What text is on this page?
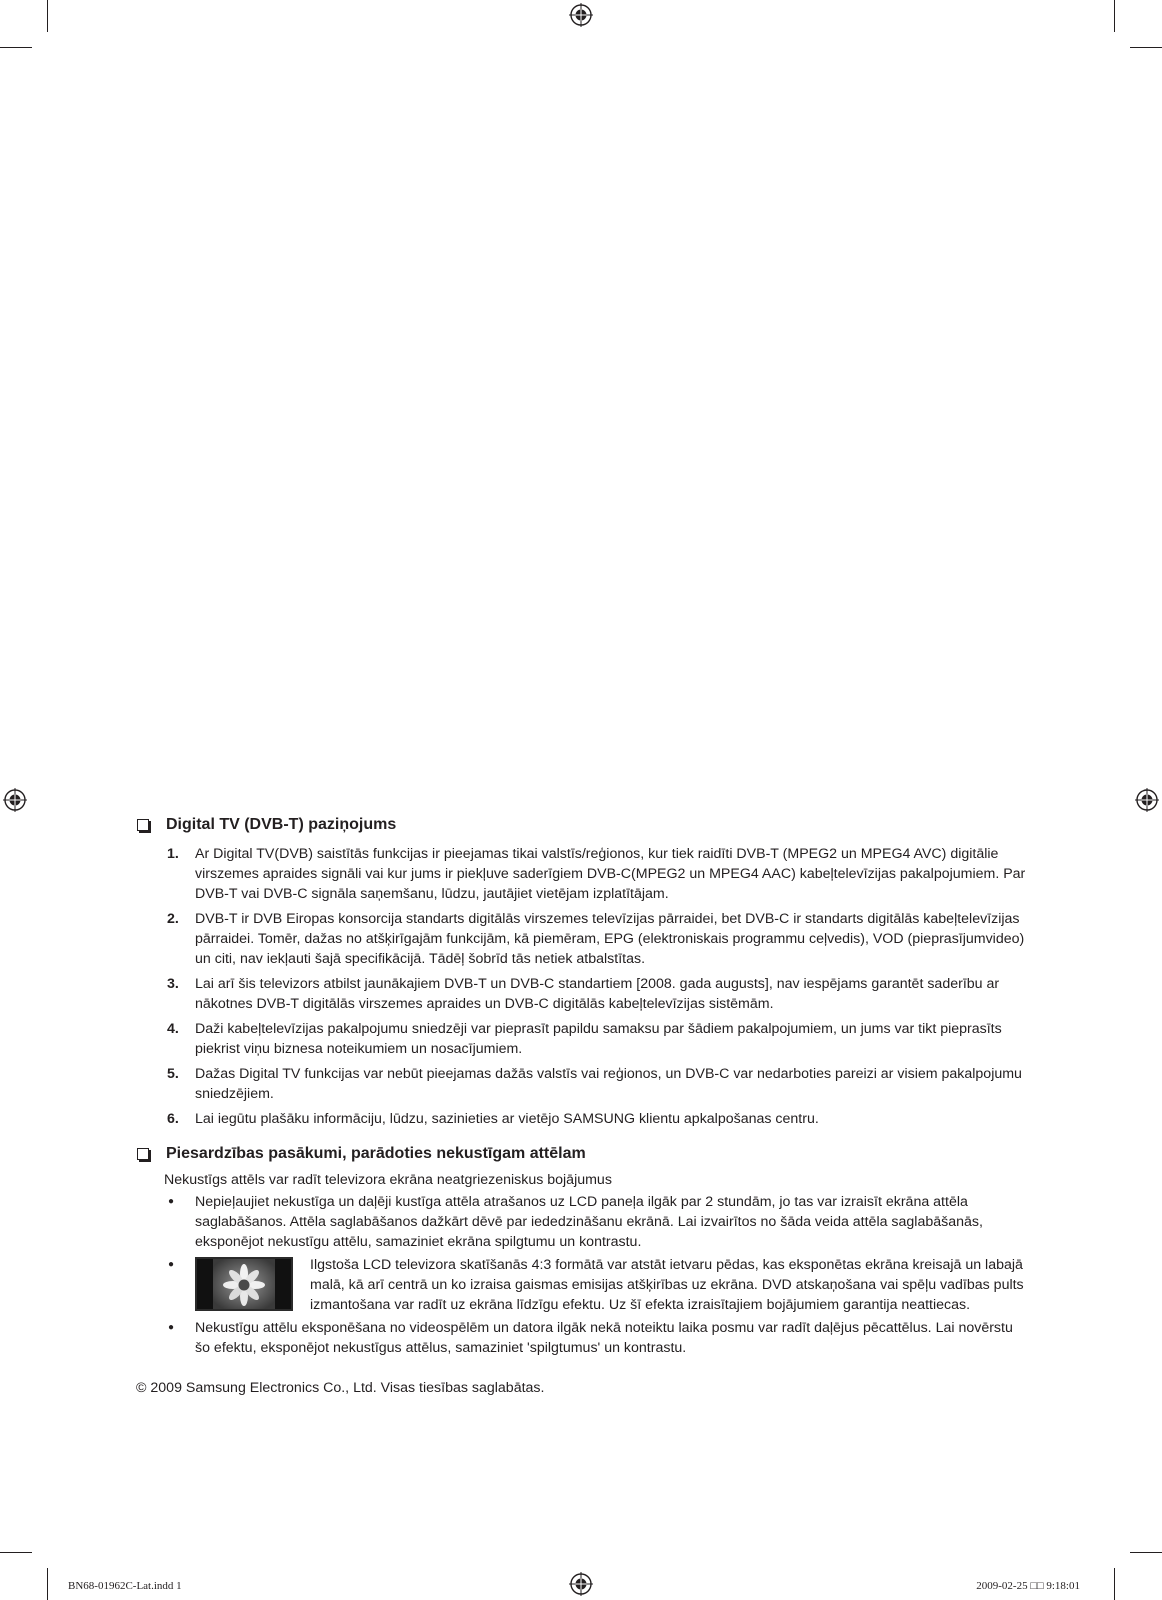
Digital TV (DVB-T) paziņojums
1. Ar Digital TV(DVB) saistītās funkcijas ir pieejamas tikai valstīs/reģionos, kur tiek raidīti DVB-T (MPEG2 un MPEG4 AVC) digitālie virszemes apraides signāli vai kur jums ir piekļuve saderīgiem DVB-C(MPEG2 un MPEG4 AAC) kabeļtelevīzijas pakalpojumiem. Par DVB-T vai DVB-C signāla saņemšanu, lūdzu, jautājiet vietējam izplatītājam.
2. DVB-T ir DVB Eiropas konsorcija standarts digitālās virszemes televīzijas pārraidei, bet DVB-C ir standarts digitālās kabeļtelevīzijas pārraidei. Tomēr, dažas no atšķirīgajām funkcijām, kā piemēram, EPG (elektroniskais programmu ceļvedis), VOD (pieprasījumvideo) un citi, nav iekļauti šajā specifikācijā. Tādēļ šobrīd tās netiek atbalstītas.
3. Lai arī šis televizors atbilst jaunākajiem DVB-T un DVB-C standartiem [2008. gada augusts], nav iespējams garantēt saderību ar nākotnes DVB-T digitālās virszemes apraides un DVB-C digitālās kabeļtelevīzijas sistēmām.
4. Daži kabeļtelevīzijas pakalpojumu sniedzēji var pieprasīt papildu samaksu par šādiem pakalpojumiem, un jums var tikt pieprasīts piekrist viņu biznesa noteikumiem un nosacījumiem.
5. Dažas Digital TV funkcijas var nebūt pieejamas dažās valstīs vai reģionos, un DVB-C var nedarboties pareizi ar visiem pakalpojumu sniedzējiem.
6. Lai iegūtu plašāku informāciju, lūdzu, sazinieties ar vietējo SAMSUNG klientu apkalpošanas centru.
Piesardzības pasākumi, parādoties nekustīgam attēlam

Nekustīgs attēls var radīt televizora ekrāna neatgriezeniskus bojājumus

● Nepieļaujiet nekustīga un daļēji kustīga attēla atrašanos uz LCD paneļa ilgāk par 2 stundām, jo tas var izraisīt ekrāna attēla saglabāšanos. Attēla saglabāšanos dažkārt dēvē par iededzināšanu ekrānā. Lai izvairītos no šāda veida attēla saglabāšanās, eksponējot nekustīgu attēlu, samaziniet ekrāna spilgtumu un kontrastu.
●	Ilgstoša LCD televizora skatīšanās 4:3 formātā var atstāt ietvaru pēdas, kas eksponētas ekrāna kreisajā un labajā malā, kā arī centrā un ko izraisa gaismas emisijas atšķirības uz ekrāna. DVD atskaņošana vai spēļu vadības pults izmantošana var radīt uz ekrāna līdzīgu efektu. Uz šī efekta izraisītajiem bojājumiem garantija neattiecas.
● Nekustīgu attēlu eksponēšana no videospēlēm un datora ilgāk nekā noteiktu laika posmu var radīt daļējus pēcattēlus. Lai novērstu šo efektu, eksponējot nekustīgus attēlus, samaziniet 'spilgtumus' un kontrastu.

© 2009 Samsung Electronics Co., Ltd. Visas tiesības saglabātas.

BN68-01962C-Lat.indd 1	2009-02-25 □□ 9:18:01
